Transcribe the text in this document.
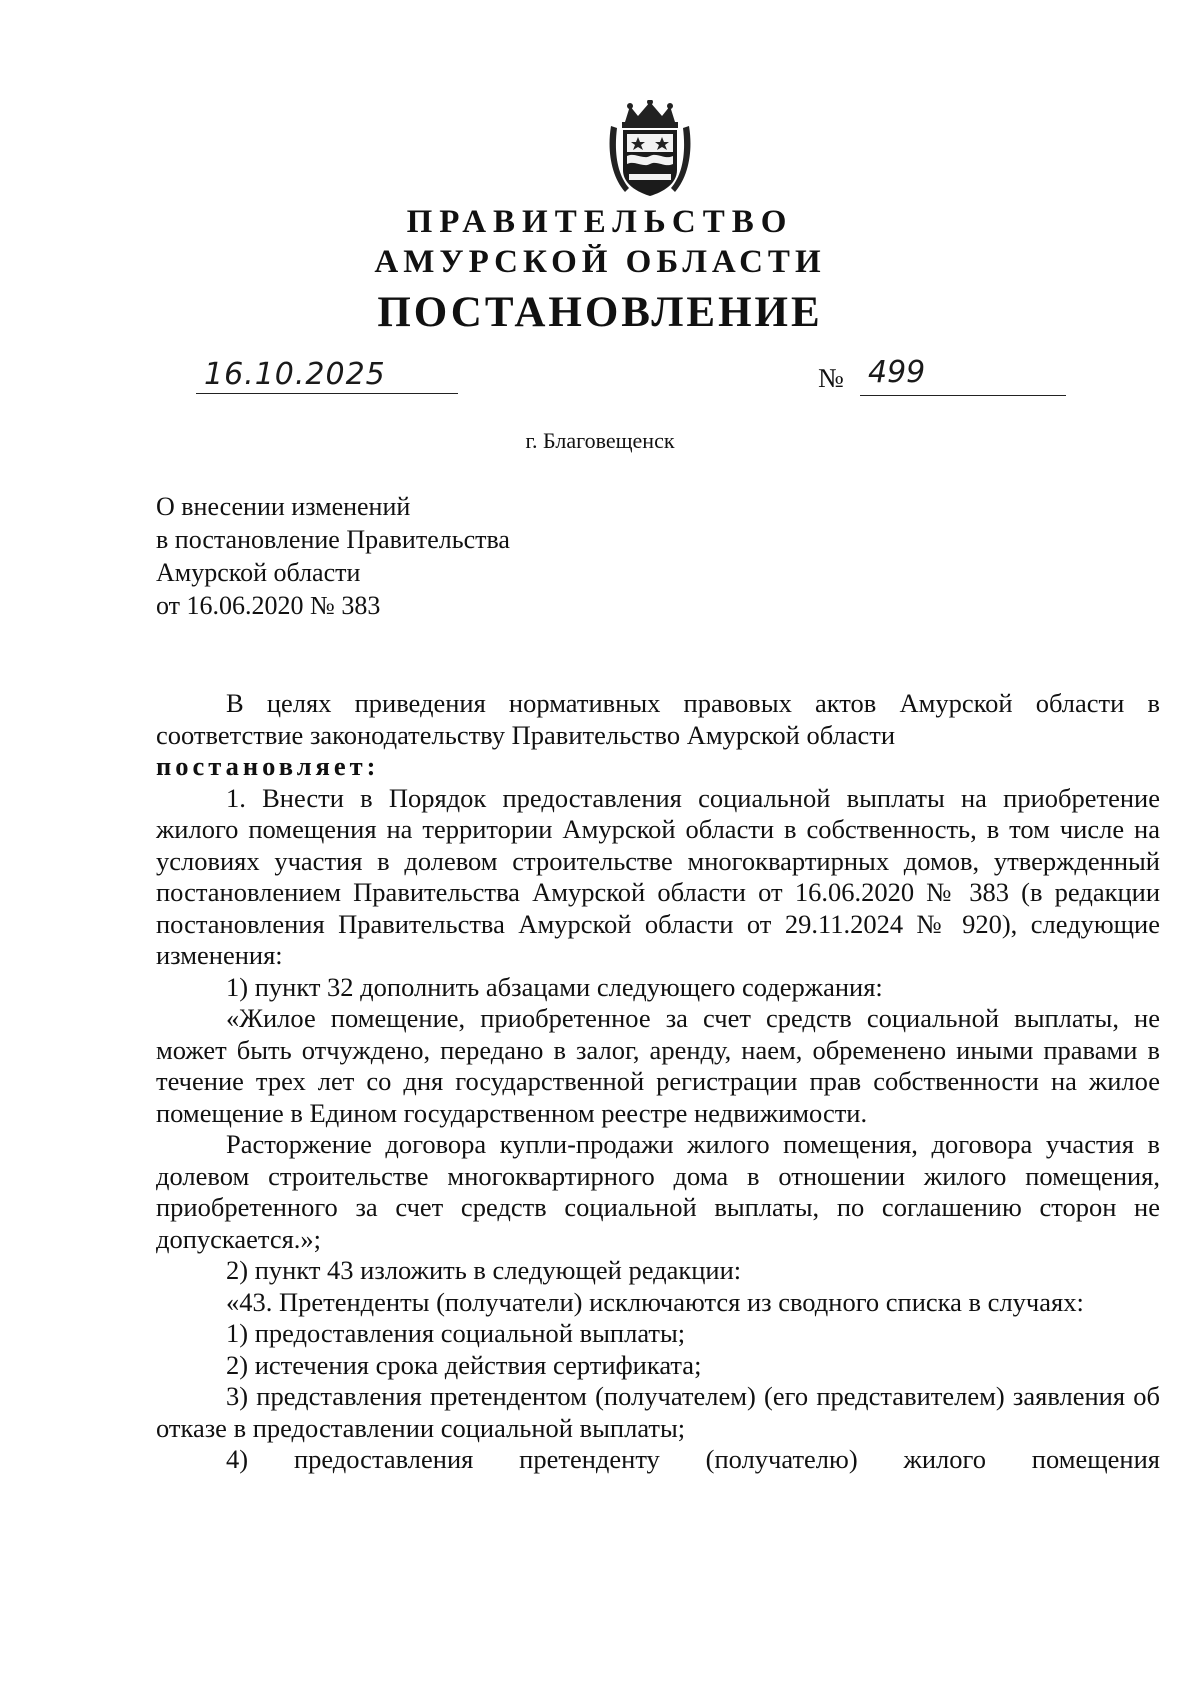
ПРАВИТЕЛЬСТВО
АМУРСКОЙ ОБЛАСТИ
ПОСТАНОВЛЕНИЕ
16.10.2025	№ 499
г. Благовещенск
О внесении изменений
в постановление Правительства
Амурской области
от 16.06.2020 № 383
В целях приведения нормативных правовых актов Амурской области в соответствие законодательству Правительство Амурской области
постановляет:
1. Внести в Порядок предоставления социальной выплаты на приобретение жилого помещения на территории Амурской области в собственность, в том числе на условиях участия в долевом строительстве многоквартирных домов, утвержденный постановлением Правительства Амурской области от 16.06.2020 № 383 (в редакции постановления Правительства Амурской области от 29.11.2024 № 920), следующие изменения:
1) пункт 32 дополнить абзацами следующего содержания:
«Жилое помещение, приобретенное за счет средств социальной выплаты, не может быть отчуждено, передано в залог, аренду, наем, обременено иными правами в течение трех лет со дня государственной регистрации прав собственности на жилое помещение в Едином государственном реестре недвижимости.
Расторжение договора купли-продажи жилого помещения, договора участия в долевом строительстве многоквартирного дома в отношении жилого помещения, приобретенного за счет средств социальной выплаты, по соглашению сторон не допускается.»;
2) пункт 43 изложить в следующей редакции:
«43. Претенденты (получатели) исключаются из сводного списка в случаях:
1) предоставления социальной выплаты;
2) истечения срока действия сертификата;
3) представления претендентом (получателем) (его представителем) заявления об отказе в предоставлении социальной выплаты;
4) предоставления претенденту (получателю) жилого помещения
